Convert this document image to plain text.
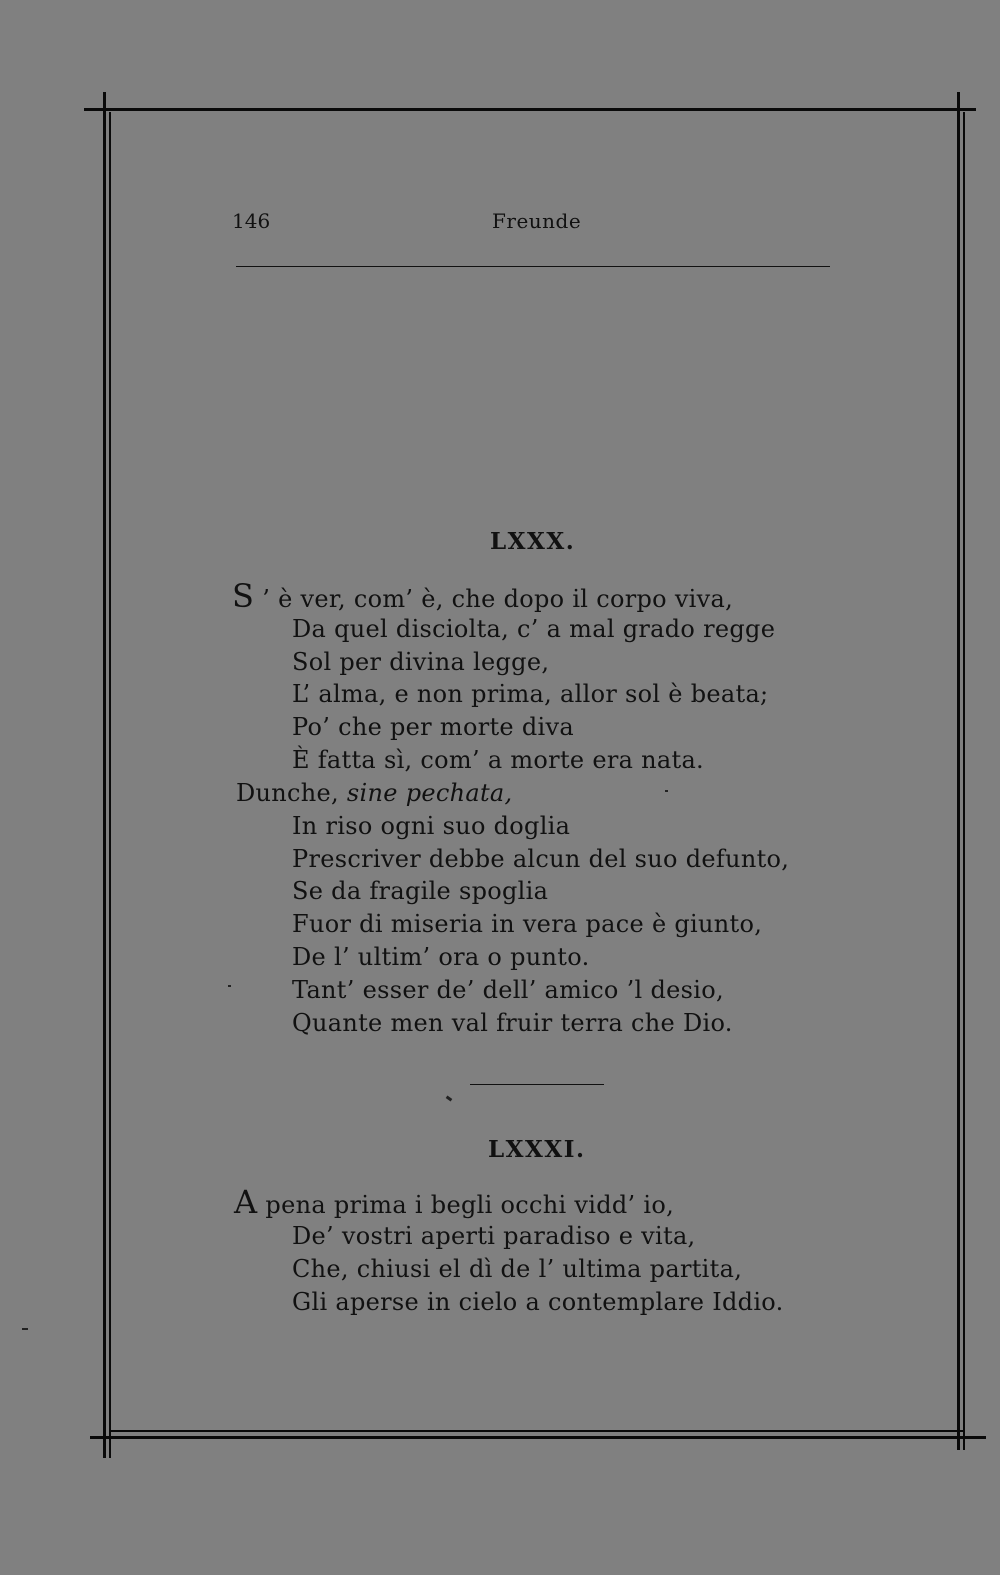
146	Freunde
LXXX.
S ’ è ver, com’ è, che dopo il corpo viva,
Da quel disciolta, c’ a mal grado regge
Sol per divina legge,
L’ alma, e non prima, allor sol è beata;
Po’ che per morte diva
È fatta sì, com’ a morte era nata.
Dunche, sine pechata,
In riso ogni suo doglia
Prescriver debbe alcun del suo defunto,
Se da fragile spoglia
Fuor di miseria in vera pace è giunto,
De l’ ultim’ ora o punto.
Tant’ esser de’ dell’ amico ’l desio,
Quante men val fruir terra che Dio.
LXXXI.
A pena prima i begli occhi vidd’ io,
De’ vostri aperti paradiso e vita,
Che, chiusi el dì de l’ ultima partita,
Gli aperse in cielo a contemplare Iddio.
